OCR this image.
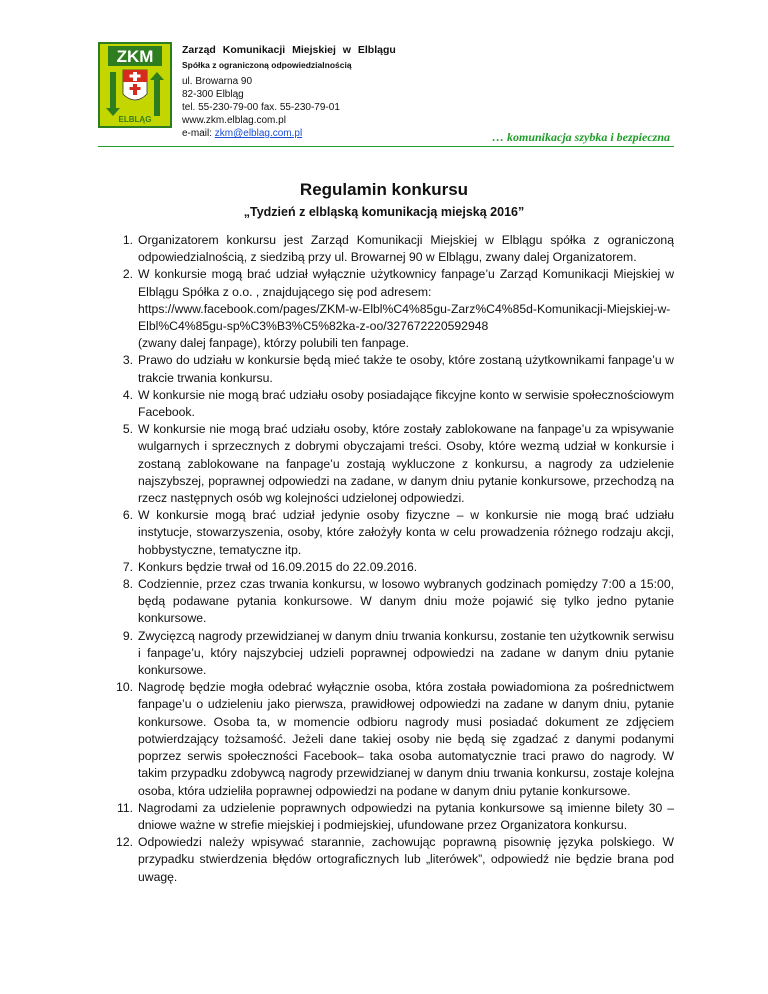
ZKM
ELBLĄG
Zarząd Komunikacji Miejskiej w Elblągu
Spółka z ograniczoną odpowiedzialnością
ul. Browarna 90
82-300 Elbląg
tel. 55-230-79-00 fax. 55-230-79-01
www.zkm.elblag.com.pl
e-mail: zkm@elblag.com.pl	… komunikacja szybka i bezpieczna
Regulamin konkursu
„Tydzień z elbląską komunikacją miejską 2016”
1. Organizatorem konkursu jest Zarząd Komunikacji Miejskiej w Elblągu spółka z ograniczoną odpowiedzialnością, z siedzibą przy ul. Browarnej 90 w Elblągu, zwany dalej Organizatorem.
2. W konkursie mogą brać udział wyłącznie użytkownicy fanpage’u Zarząd Komunikacji Miejskiej w Elblągu Spółka z o.o. , znajdującego się pod adresem:
https://www.facebook.com/pages/ZKM-w-Elbl%C4%85gu-Zarz%C4%85d-Komunikacji-Miejskiej-w-Elbl%C4%85gu-sp%C3%B3%C5%82ka-z-oo/327672220592948
(zwany dalej fanpage), którzy polubili ten fanpage.
3. Prawo do udziału w konkursie będą mieć także te osoby, które zostaną użytkownikami fanpage’u w trakcie trwania konkursu.
4. W konkursie nie mogą brać udziału osoby posiadające fikcyjne konto w serwisie społecznościowym Facebook.
5. W konkursie nie mogą brać udziału osoby, które zostały zablokowane na fanpage’u za wpisywanie wulgarnych i sprzecznych z dobrymi obyczajami treści. Osoby, które wezmą udział w konkursie i zostaną zablokowane na fanpage’u zostają wykluczone z konkursu, a nagrody za udzielenie najszybszej, poprawnej odpowiedzi na zadane, w danym dniu pytanie konkursowe, przechodzą na rzecz następnych osób wg kolejności udzielonej odpowiedzi.
6. W konkursie mogą brać udział jedynie osoby fizyczne – w konkursie nie mogą brać udziału instytucje, stowarzyszenia, osoby, które założyły konta w celu prowadzenia różnego rodzaju akcji, hobbystyczne, tematyczne itp.
7. Konkurs będzie trwał od 16.09.2015 do 22.09.2016.
8. Codziennie, przez czas trwania konkursu, w losowo wybranych godzinach pomiędzy 7:00 a 15:00, będą podawane pytania konkursowe. W danym dniu może pojawić się tylko jedno pytanie konkursowe.
9. Zwycięzcą nagrody przewidzianej w danym dniu trwania konkursu, zostanie ten użytkownik serwisu i fanpage’u, który najszybciej udzieli poprawnej odpowiedzi na zadane w danym dniu pytanie konkursowe.
10. Nagrodę będzie mogła odebrać wyłącznie osoba, która została powiadomiona za pośrednictwem fanpage’u o udzieleniu jako pierwsza, prawidłowej odpowiedzi na zadane w danym dniu, pytanie konkursowe. Osoba ta, w momencie odbioru nagrody musi posiadać dokument ze zdjęciem potwierdzający tożsamość. Jeżeli dane takiej osoby nie będą się zgadzać z danymi podanymi poprzez serwis społeczności Facebook– taka osoba automatycznie traci prawo do nagrody. W takim przypadku zdobywcą nagrody przewidzianej w danym dniu trwania konkursu, zostaje kolejna osoba, która udzieliła poprawnej odpowiedzi na podane w danym dniu pytanie konkursowe.
11. Nagrodami za udzielenie poprawnych odpowiedzi na pytania konkursowe są imienne bilety 30 – dniowe ważne w strefie miejskiej i podmiejskiej, ufundowane przez Organizatora konkursu.
12. Odpowiedzi należy wpisywać starannie, zachowując poprawną pisownię języka polskiego. W przypadku stwierdzenia błędów ortograficznych lub „literówek”, odpowiedź nie będzie brana pod uwagę.
